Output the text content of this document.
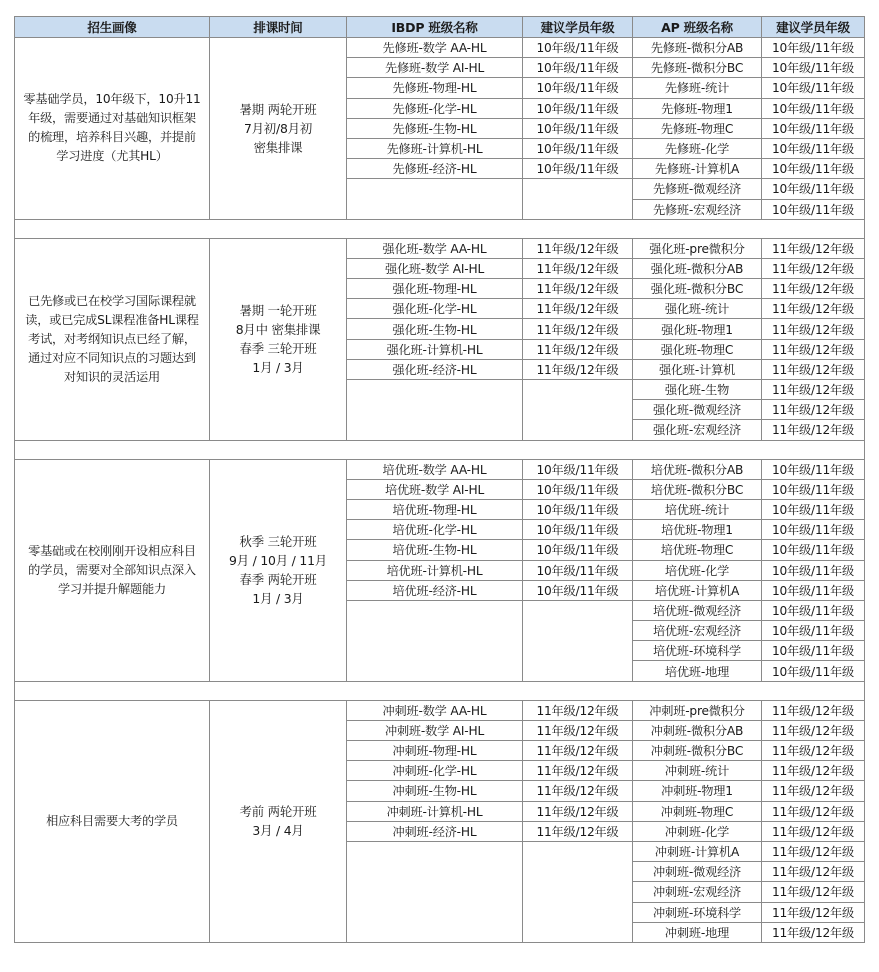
招生画像	排课时间	IBDP 班级名称	建议学员年级	AP 班级名称	建议学员年级
零基础学员，10年级下，10升11年级，需要通过对基础知识框架的梳理，培养科目兴趣，并提前学习进度（尤其HL）	暑期 两轮开班
7月初/8月初
密集排课	先修班-数学 AA-HL	10年级/11年级	先修班-微积分AB	10年级/11年级
		先修班-数学 AI-HL	10年级/11年级	先修班-微积分BC	10年级/11年级
		先修班-物理-HL	10年级/11年级	先修班-统计	10年级/11年级
		先修班-化学-HL	10年级/11年级	先修班-物理1	10年级/11年级
		先修班-生物-HL	10年级/11年级	先修班-物理C	10年级/11年级
		先修班-计算机-HL	10年级/11年级	先修班-化学	10年级/11年级
		先修班-经济-HL	10年级/11年级	先修班-计算机A	10年级/11年级
				先修班-微观经济	10年级/11年级
				先修班-宏观经济	10年级/11年级

已先修或已在校学习国际课程就读，或已完成SL课程准备HL课程考试，对考纲知识点已经了解，通过对应不同知识点的习题达到对知识的灵活运用	暑期 一轮开班
8月中 密集排课
春季 三轮开班
1月 / 3月	强化班-数学 AA-HL	11年级/12年级	强化班-pre微积分	11年级/12年级
		强化班-数学 AI-HL	11年级/12年级	强化班-微积分AB	11年级/12年级
		强化班-物理-HL	11年级/12年级	强化班-微积分BC	11年级/12年级
		强化班-化学-HL	11年级/12年级	强化班-统计	11年级/12年级
		强化班-生物-HL	11年级/12年级	强化班-物理1	11年级/12年级
		强化班-计算机-HL	11年级/12年级	强化班-物理C	11年级/12年级
		强化班-经济-HL	11年级/12年级	强化班-计算机	11年级/12年级
				强化班-生物	11年级/12年级
				强化班-微观经济	11年级/12年级
				强化班-宏观经济	11年级/12年级

零基础或在校刚刚开设相应科目的学员，需要对全部知识点深入学习并提升解题能力	秋季 三轮开班
9月 / 10月 / 11月
春季 两轮开班
1月 / 3月	培优班-数学 AA-HL	10年级/11年级	培优班-微积分AB	10年级/11年级
		培优班-数学 AI-HL	10年级/11年级	培优班-微积分BC	10年级/11年级
		培优班-物理-HL	10年级/11年级	培优班-统计	10年级/11年级
		培优班-化学-HL	10年级/11年级	培优班-物理1	10年级/11年级
		培优班-生物-HL	10年级/11年级	培优班-物理C	10年级/11年级
		培优班-计算机-HL	10年级/11年级	培优班-化学	10年级/11年级
		培优班-经济-HL	10年级/11年级	培优班-计算机A	10年级/11年级
				培优班-微观经济	10年级/11年级
				培优班-宏观经济	10年级/11年级
				培优班-环境科学	10年级/11年级
				培优班-地理	10年级/11年级

相应科目需要大考的学员	考前 两轮开班
3月 / 4月	冲刺班-数学 AA-HL	11年级/12年级	冲刺班-pre微积分	11年级/12年级
		冲刺班-数学 AI-HL	11年级/12年级	冲刺班-微积分AB	11年级/12年级
		冲刺班-物理-HL	11年级/12年级	冲刺班-微积分BC	11年级/12年级
		冲刺班-化学-HL	11年级/12年级	冲刺班-统计	11年级/12年级
		冲刺班-生物-HL	11年级/12年级	冲刺班-物理1	11年级/12年级
		冲刺班-计算机-HL	11年级/12年级	冲刺班-物理C	11年级/12年级
		冲刺班-经济-HL	11年级/12年级	冲刺班-化学	11年级/12年级
				冲刺班-计算机A	11年级/12年级
				冲刺班-微观经济	11年级/12年级
				冲刺班-宏观经济	11年级/12年级
				冲刺班-环境科学	11年级/12年级
				冲刺班-地理	11年级/12年级
